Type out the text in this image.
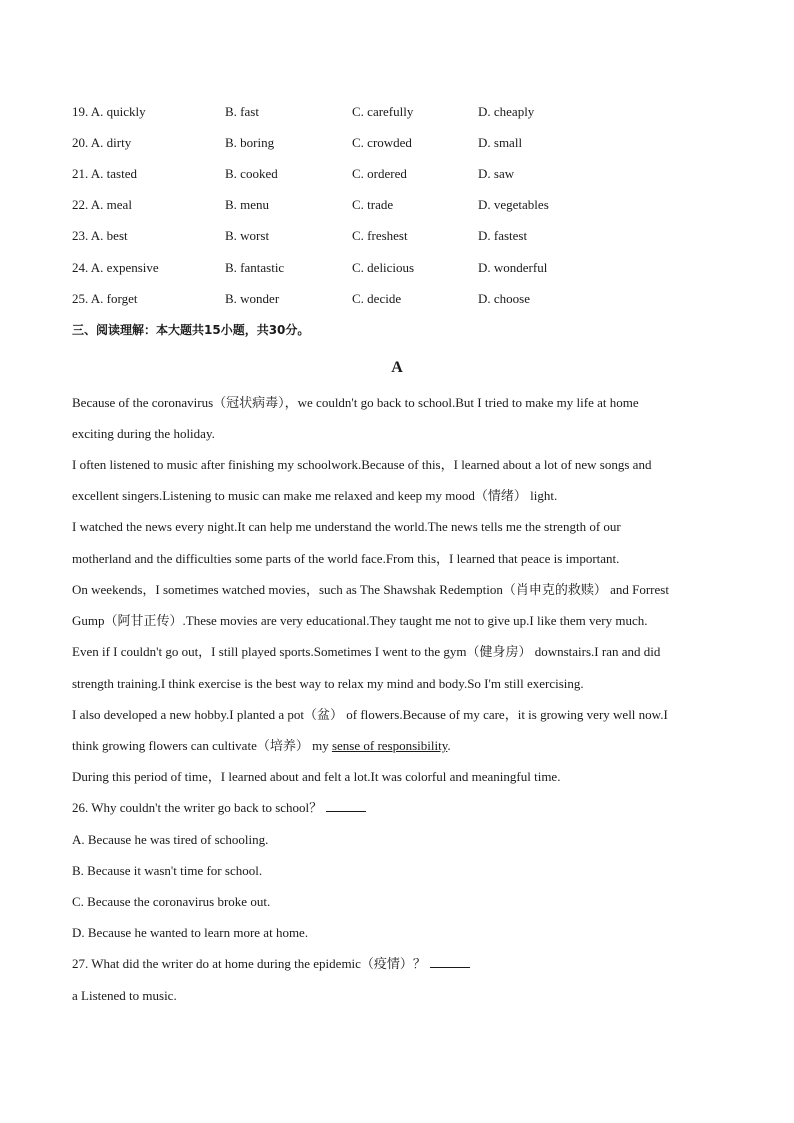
19. A. quickly	B. fast	C. carefully	D. cheaply
20. A. dirty	B. boring	C. crowded	D. small
21. A. tasted	B. cooked	C. ordered	D. saw
22. A. meal	B. menu	C. trade	D. vegetables
23. A. best	B. worst	C. freshest	D. fastest
24. A. expensive	B. fantastic	C. delicious	D. wonderful
25. A. forget	B. wonder	C. decide	D. choose
三、阅读理解：本大题共15小题，共30分。
A
Because of the coronavirus（冠状病毒），we couldn't go back to school.But I tried to make my life at home
exciting during the holiday.
I often listened to music after finishing my schoolwork.Because of this，I learned about a lot of new songs and
excellent singers.Listening to music can make me relaxed and keep my mood（情绪） light.
I watched the news every night.It can help me understand the world.The news tells me the strength of our
motherland and the difficulties some parts of the world face.From this，I learned that peace is important.
On weekends，I sometimes watched movies，such as The Shawshak Redemption（肖申克的救赎） and Forrest
Gump（阿甘正传）.These movies are very educational.They taught me not to give up.I like them very much.
Even if I couldn't go out，I still played sports.Sometimes I went to the gym（健身房） downstairs.I ran and did
strength training.I think exercise is the best way to relax my mind and body.So I'm still exercising.
I also developed a new hobby.I planted a pot（盆） of flowers.Because of my care，it is growing very well now.I
think growing flowers can cultivate（培养） my sense of responsibility.
During this period of time，I learned about and felt a lot.It was colorful and meaningful time.
26. Why couldn't the writer go back to school？
A. Because he was tired of schooling.
B. Because it wasn't time for school.
C. Because the coronavirus broke out.
D. Because he wanted to learn more at home.
27. What did the writer do at home during the epidemic（疫情）？
a Listened to music.
